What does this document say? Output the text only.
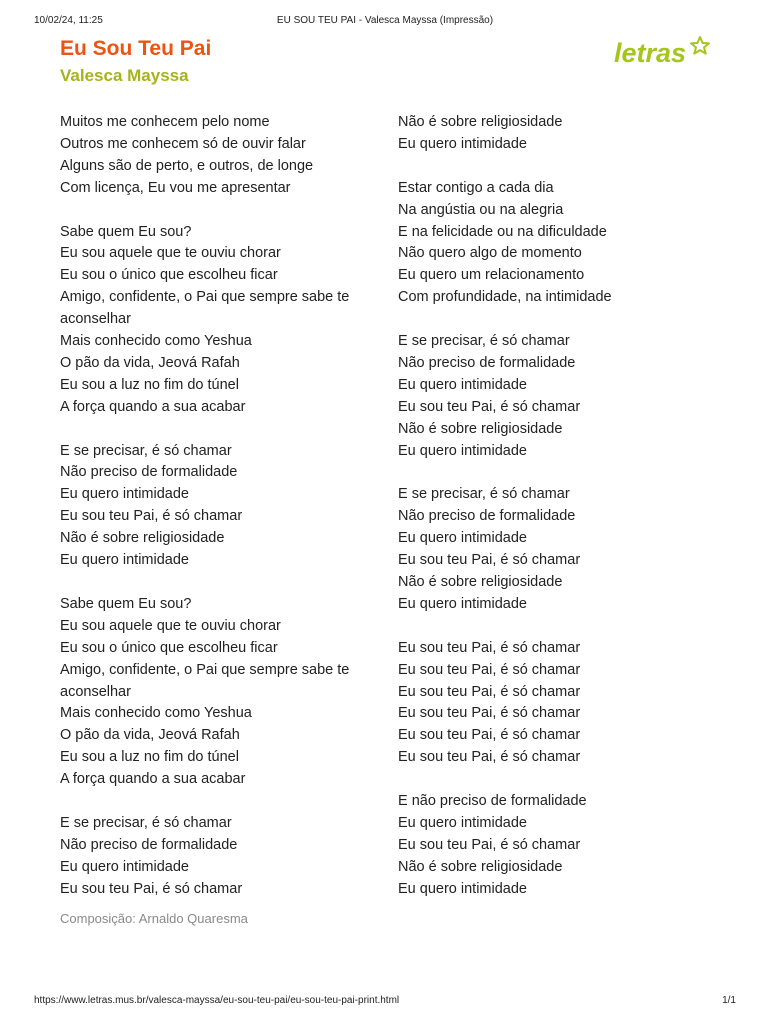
10/02/24, 11:25	EU SOU TEU PAI - Valesca Mayssa (Impressão)
Eu Sou Teu Pai
Valesca Mayssa
letras
Muitos me conhecem pelo nome
Outros me conhecem só de ouvir falar
Alguns são de perto, e outros, de longe
Com licença, Eu vou me apresentar
Sabe quem Eu sou?
Eu sou aquele que te ouviu chorar
Eu sou o único que escolheu ficar
Amigo, confidente, o Pai que sempre sabe te aconselhar
Mais conhecido como Yeshua
O pão da vida, Jeová Rafah
Eu sou a luz no fim do túnel
A força quando a sua acabar
E se precisar, é só chamar
Não preciso de formalidade
Eu quero intimidade
Eu sou teu Pai, é só chamar
Não é sobre religiosidade
Eu quero intimidade
Sabe quem Eu sou?
Eu sou aquele que te ouviu chorar
Eu sou o único que escolheu ficar
Amigo, confidente, o Pai que sempre sabe te aconselhar
Mais conhecido como Yeshua
O pão da vida, Jeová Rafah
Eu sou a luz no fim do túnel
A força quando a sua acabar
E se precisar, é só chamar
Não preciso de formalidade
Eu quero intimidade
Eu sou teu Pai, é só chamar
Não é sobre religiosidade
Eu quero intimidade
Estar contigo a cada dia
Na angústia ou na alegria
E na felicidade ou na dificuldade
Não quero algo de momento
Eu quero um relacionamento
Com profundidade, na intimidade
E se precisar, é só chamar
Não preciso de formalidade
Eu quero intimidade
Eu sou teu Pai, é só chamar
Não é sobre religiosidade
Eu quero intimidade
E se precisar, é só chamar
Não preciso de formalidade
Eu quero intimidade
Eu sou teu Pai, é só chamar
Não é sobre religiosidade
Eu quero intimidade
Eu sou teu Pai, é só chamar
Eu sou teu Pai, é só chamar
Eu sou teu Pai, é só chamar
Eu sou teu Pai, é só chamar
Eu sou teu Pai, é só chamar
Eu sou teu Pai, é só chamar
E não preciso de formalidade
Eu quero intimidade
Eu sou teu Pai, é só chamar
Não é sobre religiosidade
Eu quero intimidade
Composição: Arnaldo Quaresma
https://www.letras.mus.br/valesca-mayssa/eu-sou-teu-pai/eu-sou-teu-pai-print.html	1/1
